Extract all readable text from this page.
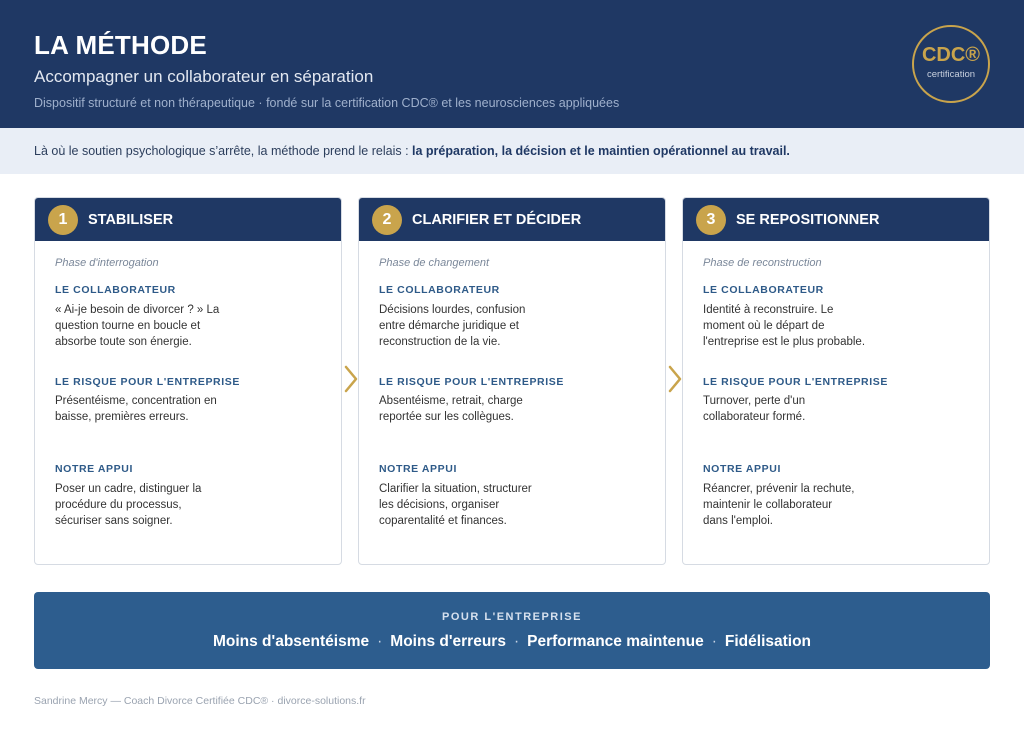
LA MÉTHODE
Accompagner un collaborateur en séparation
Dispositif structuré et non thérapeutique · fondé sur la certification CDC® et les neurosciences appliquées
CDC®
certification

Là où le soutien psychologique s’arrête, la méthode prend le relais : la préparation, la décision et le maintien opérationnel au travail.

1	STABILISER
Phase d'interrogation
LE COLLABORATEUR
« Ai-je besoin de divorcer ? » La
question tourne en boucle et
absorbe toute son énergie.
LE RISQUE POUR L'ENTREPRISE
Présentéisme, concentration en
baisse, premières erreurs.
NOTRE APPUI
Poser un cadre, distinguer la
procédure du processus,
sécuriser sans soigner.
2	CLARIFIER ET DÉCIDER
Phase de changement
LE COLLABORATEUR
Décisions lourdes, confusion
entre démarche juridique et
reconstruction de la vie.
LE RISQUE POUR L'ENTREPRISE
Absentéisme, retrait, charge
reportée sur les collègues.
NOTRE APPUI
Clarifier la situation, structurer
les décisions, organiser
coparentalité et finances.
3	SE REPOSITIONNER
Phase de reconstruction
LE COLLABORATEUR
Identité à reconstruire. Le
moment où le départ de
l'entreprise est le plus probable.
LE RISQUE POUR L'ENTREPRISE
Turnover, perte d'un
collaborateur formé.
NOTRE APPUI
Réancrer, prévenir la rechute,
maintenir le collaborateur
dans l'emploi.
POUR L'ENTREPRISE
Moins d'absentéisme · Moins d'erreurs · Performance maintenue · Fidélisation
Sandrine Mercy — Coach Divorce Certifiée CDC® · divorce-solutions.fr
